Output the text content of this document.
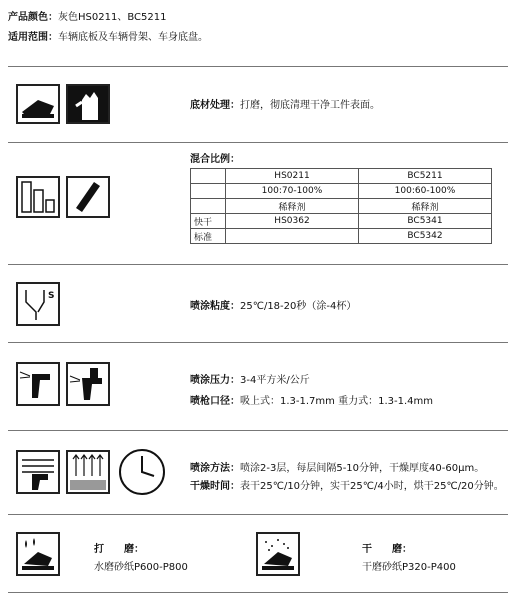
产品颜色：灰色HS0211、BC5211
适用范围：车辆底板及车辆骨架、车身底盘。
底材处理：打磨，彻底清理干净工件表面。
混合比例：
	HS0211	BC5211
	100:70-100%	100:60-100%
	稀释剂	稀释剂
快干	HS0362	BC5341
标准		BC5342
S
喷涂粘度：25℃/18-20秒（涂-4杯）
喷涂压力：3-4平方米/公斤
喷枪口径：吸上式：1.3-1.7mm 重力式：1.3-1.4mm
喷涂方法：喷涂2-3层，每层间隔5-10分钟，干燥厚度40-60μm。
干燥时间：表干25℃/10分钟，实干25℃/4小时，烘干25℃/20分钟。
打　　磨：
水磨砂纸P600-P800
干　　磨：
干磨砂纸P320-P400
